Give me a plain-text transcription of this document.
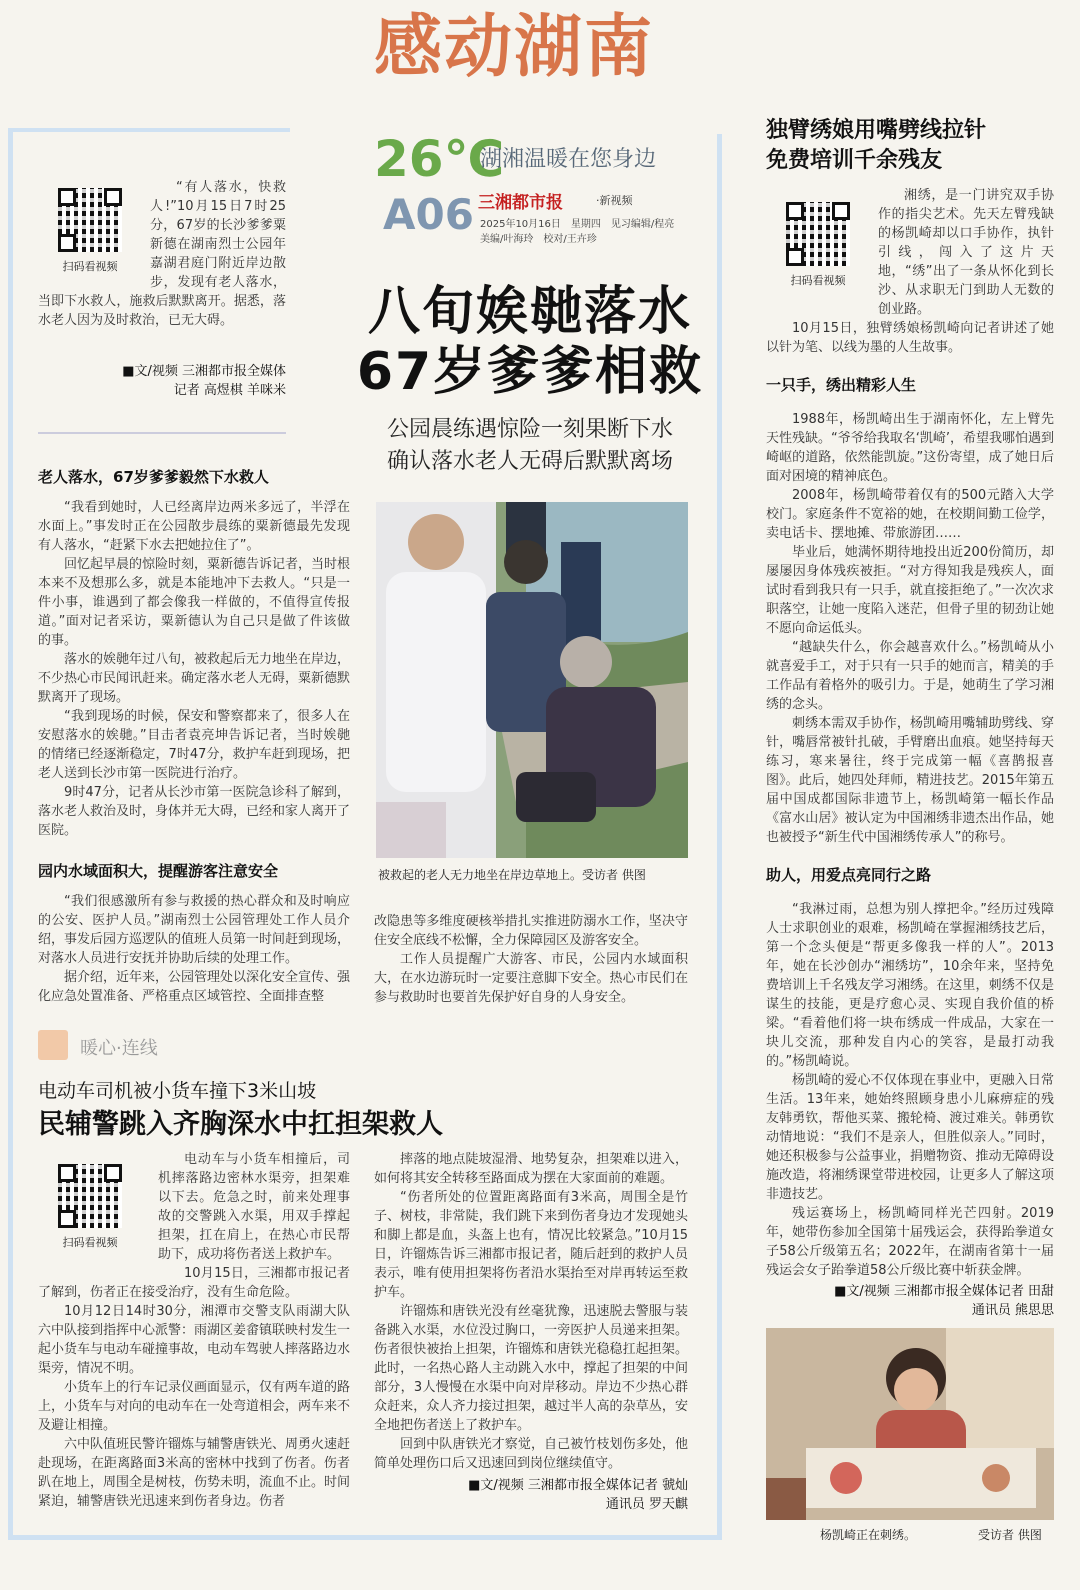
感动湖南
26℃
湖湘温暖在您身边
A06 三湘都市报	·新视频
2025年10月16日　星期四　见习编辑/程亮
美编/叶海玲　校对/王卉珍
八旬娭毑落水
67岁爹爹相救
公园晨练遇惊险一刻果断下水
确认落水老人无碍后默默离场
扫码看视频

“有人落水，快救人!”10月15日7时25分，67岁的长沙爹爹粟新德在湖南烈士公园年嘉湖君庭门附近岸边散步，发现有老人落水，当即下水救人，施救后默默离开。据悉，落水老人因为及时救治，已无大碍。

■文/视频 三湘都市报全媒体
记者 高煜棋 羊咪米
老人落水，67岁爹爹毅然下水救人

“我看到她时，人已经离岸边两米多远了，半浮在水面上。”事发时正在公园散步晨练的粟新德最先发现有人落水，“赶紧下水去把她拉住了”。

回忆起早晨的惊险时刻，粟新德告诉记者，当时根本来不及想那么多，就是本能地冲下去救人。“只是一件小事，谁遇到了都会像我一样做的，不值得宣传报道。”面对记者采访，粟新德认为自己只是做了件该做的事。

落水的娭毑年过八旬，被救起后无力地坐在岸边，不少热心市民闻讯赶来。确定落水老人无碍，粟新德默默离开了现场。

“我到现场的时候，保安和警察都来了，很多人在安慰落水的娭毑。”目击者袁亮坤告诉记者，当时娭毑的情绪已经逐渐稳定，7时47分，救护车赶到现场，把老人送到长沙市第一医院进行治疗。

9时47分，记者从长沙市第一医院急诊科了解到，落水老人救治及时，身体并无大碍，已经和家人离开了医院。

园内水域面积大，提醒游客注意安全

“我们很感激所有参与救援的热心群众和及时响应的公安、医护人员。”湖南烈士公园管理处工作人员介绍，事发后园方巡逻队的值班人员第一时间赶到现场，对落水人员进行安抚并协助后续的处理工作。

据介绍，近年来，公园管理处以深化安全宣传、强化应急处置准备、严格重点区域管控、全面排查整

被救起的老人无力地坐在岸边草地上。受访者 供图

改隐患等多维度硬核举措扎实推进防溺水工作，坚决守住安全底线不松懈，全力保障园区及游客安全。

工作人员提醒广大游客、市民，公园内水域面积大，在水边游玩时一定要注意脚下安全。热心市民们在参与救助时也要首先保护好自身的人身安全。

暖心·连线
电动车司机被小货车撞下3米山坡
民辅警跳入齐胸深水中扛担架救人
扫码看视频

电动车与小货车相撞后，司机摔落路边密林水渠旁，担架难以下去。危急之时，前来处理事故的交警跳入水渠，用双手撑起担架，扛在肩上，在热心市民帮助下，成功将伤者送上救护车。

10月15日，三湘都市报记者了解到，伤者正在接受治疗，没有生命危险。

10月12日14时30分，湘潭市交警支队雨湖大队六中队接到指挥中心派警：雨湖区姜畲镇联映村发生一起小货车与电动车碰撞事故，电动车驾驶人摔落路边水渠旁，情况不明。

小货车上的行车记录仪画面显示，仅有两车道的路上，小货车与对向的电动车在一处弯道相会，两车来不及避让相撞。

六中队值班民警许镏炼与辅警唐铁光、周勇火速赶赴现场，在距离路面3米高的密林中找到了伤者。伤者趴在地上，周围全是树枝，伤势未明，流血不止。时间紧迫，辅警唐铁光迅速来到伤者身边。伤者

摔落的地点陡坡湿滑、地势复杂，担架难以进入，如何将其安全转移至路面成为摆在大家面前的难题。

“伤者所处的位置距离路面有3米高，周围全是竹子、树枝，非常陡，我们跳下来到伤者身边才发现她头和脚上都是血，头盔上也有，情况比较紧急。”10月15日，许镏炼告诉三湘都市报记者，随后赶到的救护人员表示，唯有使用担架将伤者沿水渠抬至对岸再转运至救护车。

许镏炼和唐铁光没有丝毫犹豫，迅速脱去警服与装备跳入水渠，水位没过胸口，一旁医护人员递来担架。伤者很快被抬上担架，许镏炼和唐铁光稳稳扛起担架。此时，一名热心路人主动跳入水中，撑起了担架的中间部分，3人慢慢在水渠中向对岸移动。岸边不少热心群众赶来，众人齐力接过担架，越过半人高的杂草丛，安全地把伤者送上了救护车。

回到中队唐铁光才察觉，自己被竹枝划伤多处，他简单处理伤口后又迅速回到岗位继续值守。

■文/视频 三湘都市报全媒体记者 虢灿
通讯员 罗天麒
独臂绣娘用嘴劈线拉针
免费培训千余残友
扫码看视频

湘绣，是一门讲究双手协作的指尖艺术。先天左臂残缺的杨凯崎却以口手协作，执针引线，闯入了这片天地，“绣”出了一条从怀化到长沙、从求职无门到助人无数的创业路。

10月15日，独臂绣娘杨凯崎向记者讲述了她以针为笔、以线为墨的人生故事。

一只手，绣出精彩人生

1988年，杨凯崎出生于湖南怀化，左上臂先天性残缺。“爷爷给我取名‘凯崎’，希望我哪怕遇到崎岖的道路，依然能凯旋。”这份寄望，成了她日后面对困境的精神底色。

2008年，杨凯崎带着仅有的500元踏入大学校门。家庭条件不宽裕的她，在校期间勤工俭学，卖电话卡、摆地摊、带旅游团……

毕业后，她满怀期待地投出近200份简历，却屡屡因身体残疾被拒。“对方得知我是残疾人，面试时看到我只有一只手，就直接拒绝了。”一次次求职落空，让她一度陷入迷茫，但骨子里的韧劲让她不愿向命运低头。

“越缺失什么，你会越喜欢什么。”杨凯崎从小就喜爱手工，对于只有一只手的她而言，精美的手工作品有着格外的吸引力。于是，她萌生了学习湘绣的念头。

刺绣本需双手协作，杨凯崎用嘴辅助劈线、穿针，嘴唇常被针扎破，手臂磨出血痕。她坚持每天练习，寒来暑往，终于完成第一幅《喜鹊报喜图》。此后，她四处拜师，精进技艺。2015年第五届中国成都国际非遗节上，杨凯崎第一幅长作品《富水山居》被认定为中国湘绣非遗杰出作品，她也被授予“新生代中国湘绣传承人”的称号。

助人，用爱点亮同行之路

“我淋过雨，总想为别人撑把伞。”经历过残障人士求职创业的艰难，杨凯崎在掌握湘绣技艺后，第一个念头便是“帮更多像我一样的人”。2013年，她在长沙创办“湘绣坊”，10余年来，坚持免费培训上千名残友学习湘绣。在这里，刺绣不仅是谋生的技能，更是疗愈心灵、实现自我价值的桥梁。“看着他们将一块布绣成一件成品，大家在一块儿交流，那种发自内心的笑容，是最打动我的。”杨凯崎说。

杨凯崎的爱心不仅体现在事业中，更融入日常生活。13年来，她始终照顾身患小儿麻痹症的残友韩勇钦，帮他买菜、搬轮椅、渡过难关。韩勇钦动情地说：“我们不是亲人，但胜似亲人。”同时，她还积极参与公益事业，捐赠物资、推动无障碍设施改造，将湘绣课堂带进校园，让更多人了解这项非遗技艺。

残运赛场上，杨凯崎同样光芒四射。2019年，她带伤参加全国第十届残运会，获得跆拳道女子58公斤级第五名；2022年，在湖南省第十一届残运会女子跆拳道58公斤级比赛中斩获金牌。

■文/视频 三湘都市报全媒体记者 田甜
通讯员 熊思思
杨凯崎正在刺绣。	受访者 供图
